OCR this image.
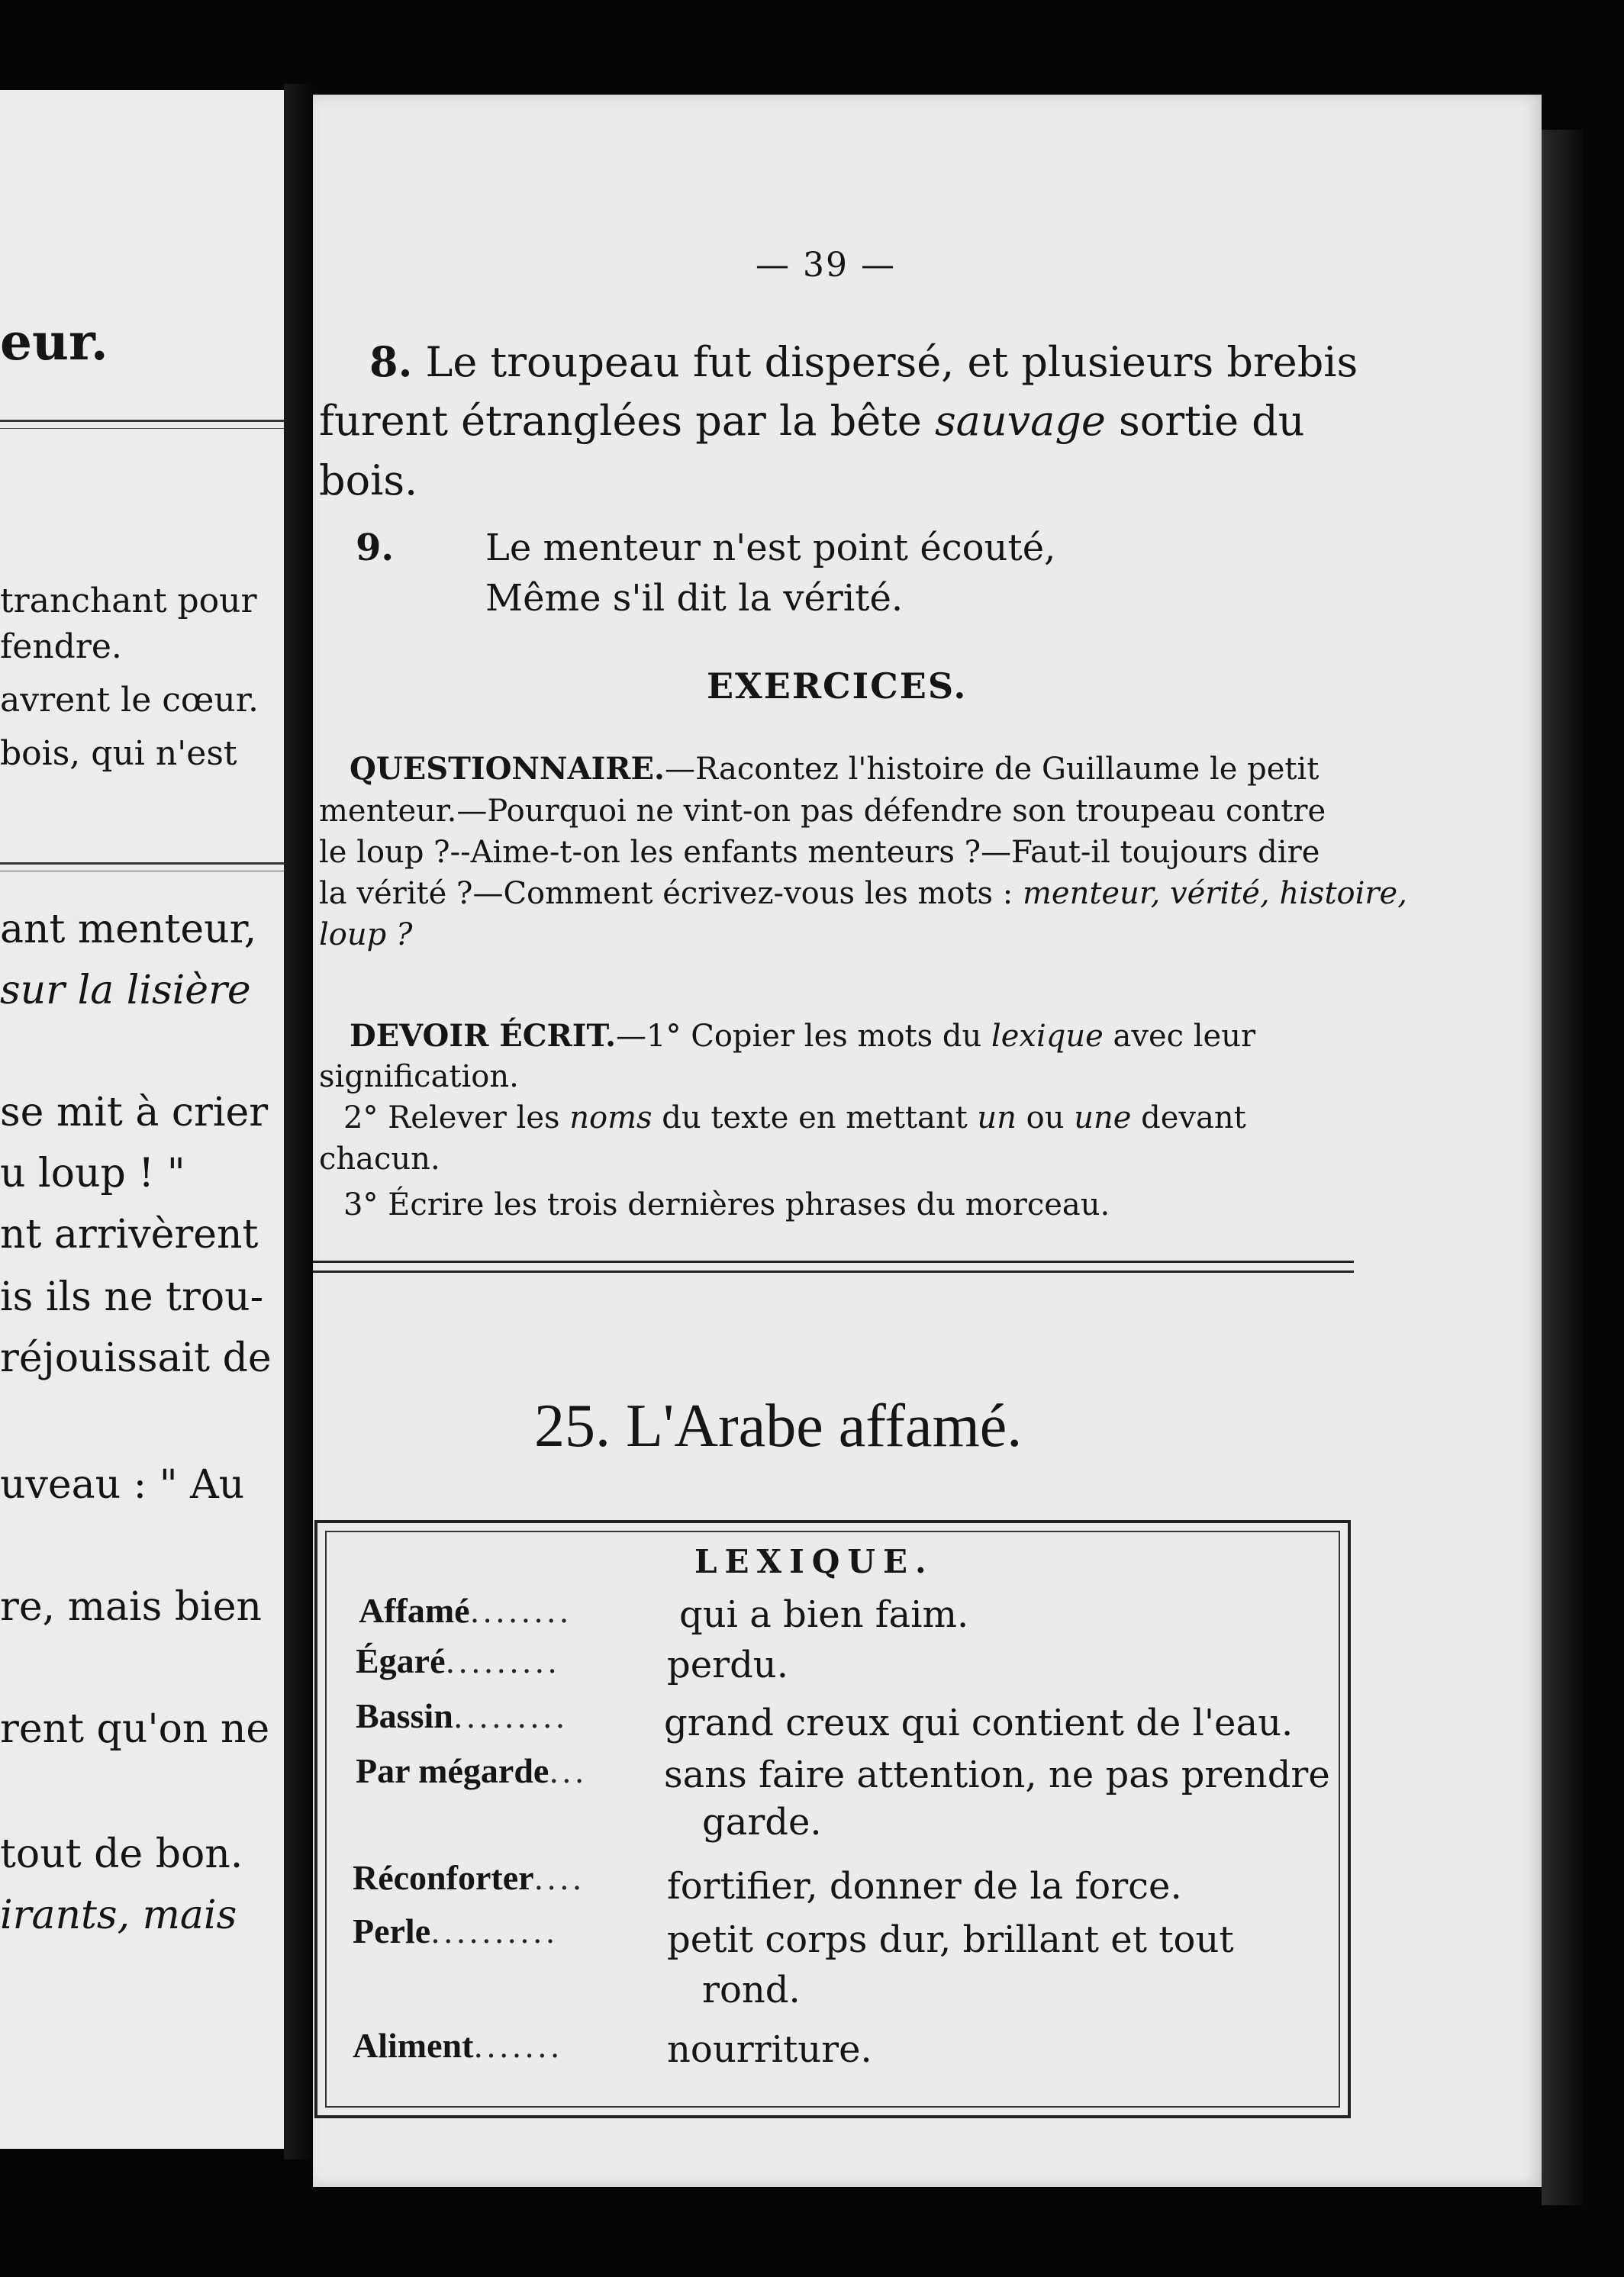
eur.
tranchant pour
fendre.
avrent le cœur.
bois, qui n'est
ant menteur,
sur la lisière
se mit à crier
u loup ! "
nt arrivèrent
is ils ne trou-
réjouissait de
uveau : " Au
re, mais bien
rent qu'on ne
tout de bon.
irants, mais
— 39 —
8. Le troupeau fut dispersé, et plusieurs brebis
furent étranglées par la bête sauvage sortie du
bois.
9. Le menteur n'est point écouté,
Même s'il dit la vérité.
EXERCICES.
QUESTIONNAIRE.—Racontez l'histoire de Guillaume le petit
menteur.—Pourquoi ne vint-on pas défendre son troupeau contre
le loup ?--Aime-t-on les enfants menteurs ?—Faut-il toujours dire
la vérité ?—Comment écrivez-vous les mots : menteur, vérité, histoire,
loup ?
DEVOIR ÉCRIT.—1° Copier les mots du lexique avec leur
signification.
2° Relever les noms du texte en mettant un ou une devant
chacun.
3° Écrire les trois dernières phrases du morceau.
25. L'Arabe affamé.
LEXIQUE.
Affamé........	qui a bien faim.
Égaré.........	perdu.
Bassin.........	grand creux qui contient de l'eau.
Par mégarde... sans faire attention, ne pas prendre
garde.
Réconforter.... fortifier, donner de la force.
Perle..........	petit corps dur, brillant et tout
rond.
Aliment.......	nourriture.
